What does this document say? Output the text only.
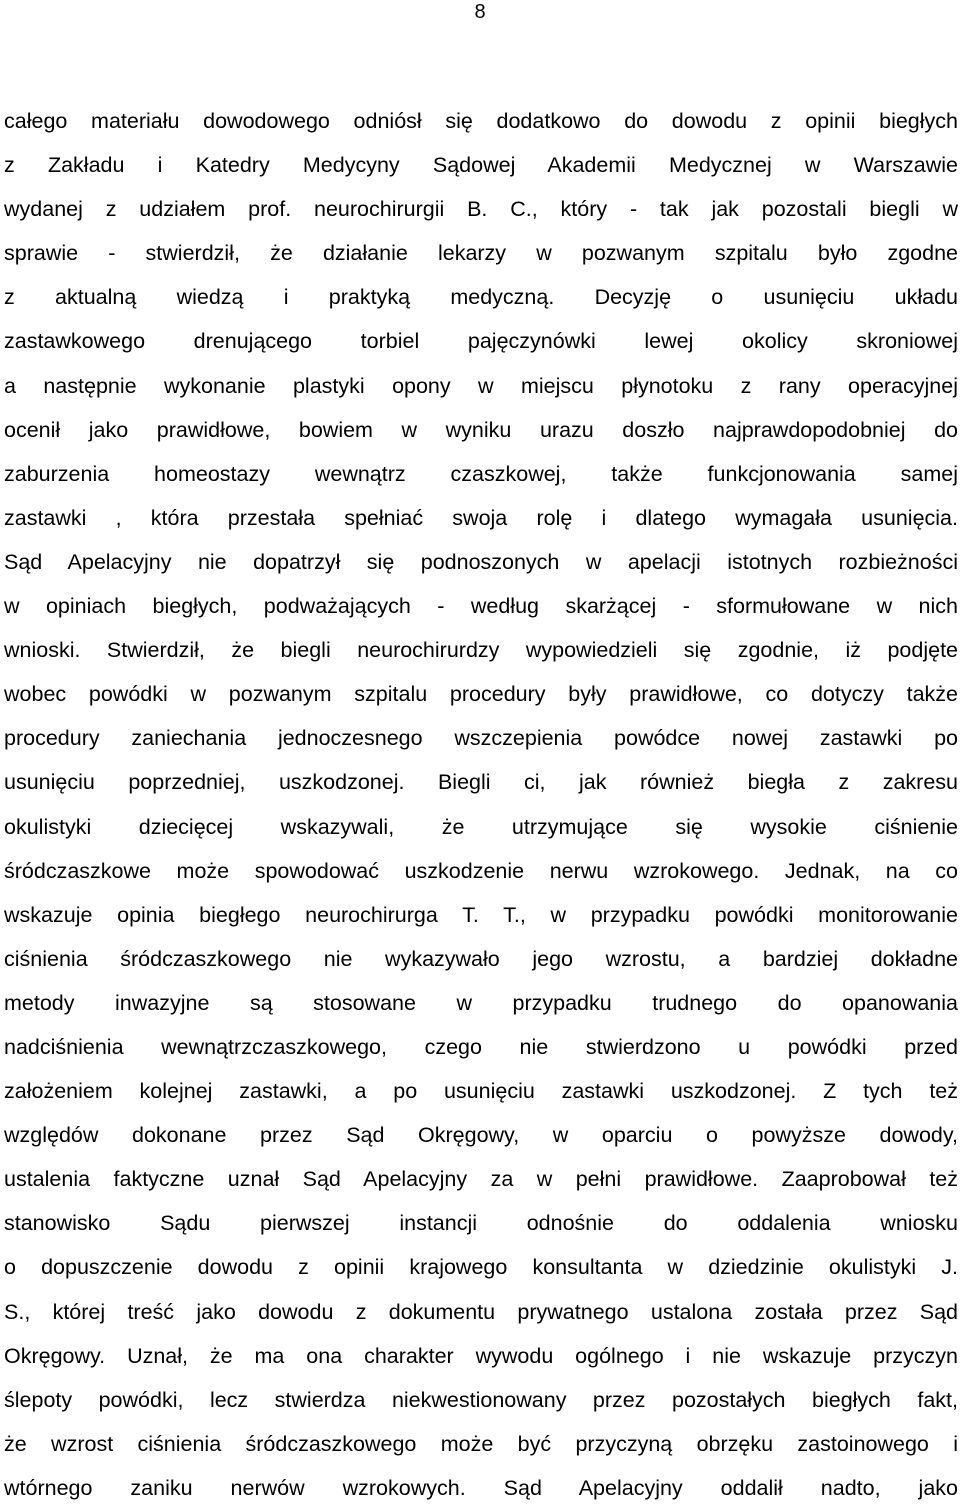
8
całego materiału dowodowego odniósł się dodatkowo do dowodu z opinii biegłych
z Zakładu i Katedry Medycyny Sądowej Akademii Medycznej w Warszawie
wydanej z udziałem prof. neurochirurgii B. C., który - tak jak pozostali biegli w
sprawie - stwierdził, że działanie lekarzy w pozwanym szpitalu było zgodne
z aktualną wiedzą i praktyką medyczną. Decyzję o usunięciu układu
zastawkowego drenującego torbiel pajęczynówki lewej okolicy skroniowej
a następnie wykonanie plastyki opony w miejscu płynotoku z rany operacyjnej
ocenił jako prawidłowe, bowiem w wyniku urazu doszło najprawdopodobniej do
zaburzenia homeostazy wewnątrz czaszkowej, także funkcjonowania samej
zastawki , która przestała spełniać swoja rolę i dlatego wymagała usunięcia.
Sąd Apelacyjny nie dopatrzył się podnoszonych w apelacji istotnych rozbieżności
w opiniach biegłych, podważających - według skarżącej - sformułowane w nich
wnioski. Stwierdził, że biegli neurochirurdzy wypowiedzieli się zgodnie, iż podjęte
wobec powódki w pozwanym szpitalu procedury były prawidłowe, co dotyczy także
procedury zaniechania jednoczesnego wszczepienia powódce nowej zastawki po
usunięciu poprzedniej, uszkodzonej. Biegli ci, jak również biegła z zakresu
okulistyki dziecięcej wskazywali, że utrzymujące się wysokie ciśnienie
śródczaszkowe może spowodować uszkodzenie nerwu wzrokowego. Jednak, na co
wskazuje opinia biegłego neurochirurga T. T., w przypadku powódki monitorowanie
ciśnienia śródczaszkowego nie wykazywało jego wzrostu, a bardziej dokładne
metody inwazyjne są stosowane w przypadku trudnego do opanowania
nadciśnienia wewnątrzczaszkowego, czego nie stwierdzono u powódki przed
założeniem kolejnej zastawki, a po usunięciu zastawki uszkodzonej. Z tych też
względów dokonane przez Sąd Okręgowy, w oparciu o powyższe dowody,
ustalenia faktyczne uznał Sąd Apelacyjny za w pełni prawidłowe. Zaaprobował też
stanowisko Sądu pierwszej instancji odnośnie do oddalenia wniosku
o dopuszczenie dowodu z opinii krajowego konsultanta w dziedzinie okulistyki J.
S., której treść jako dowodu z dokumentu prywatnego ustalona została przez Sąd
Okręgowy. Uznał, że ma ona charakter wywodu ogólnego i nie wskazuje przyczyn
ślepoty powódki, lecz stwierdza niekwestionowany przez pozostałych biegłych fakt,
że wzrost ciśnienia śródczaszkowego może być przyczyną obrzęku zastoinowego i
wtórnego zaniku nerwów wzrokowych. Sąd Apelacyjny oddalił nadto, jako
